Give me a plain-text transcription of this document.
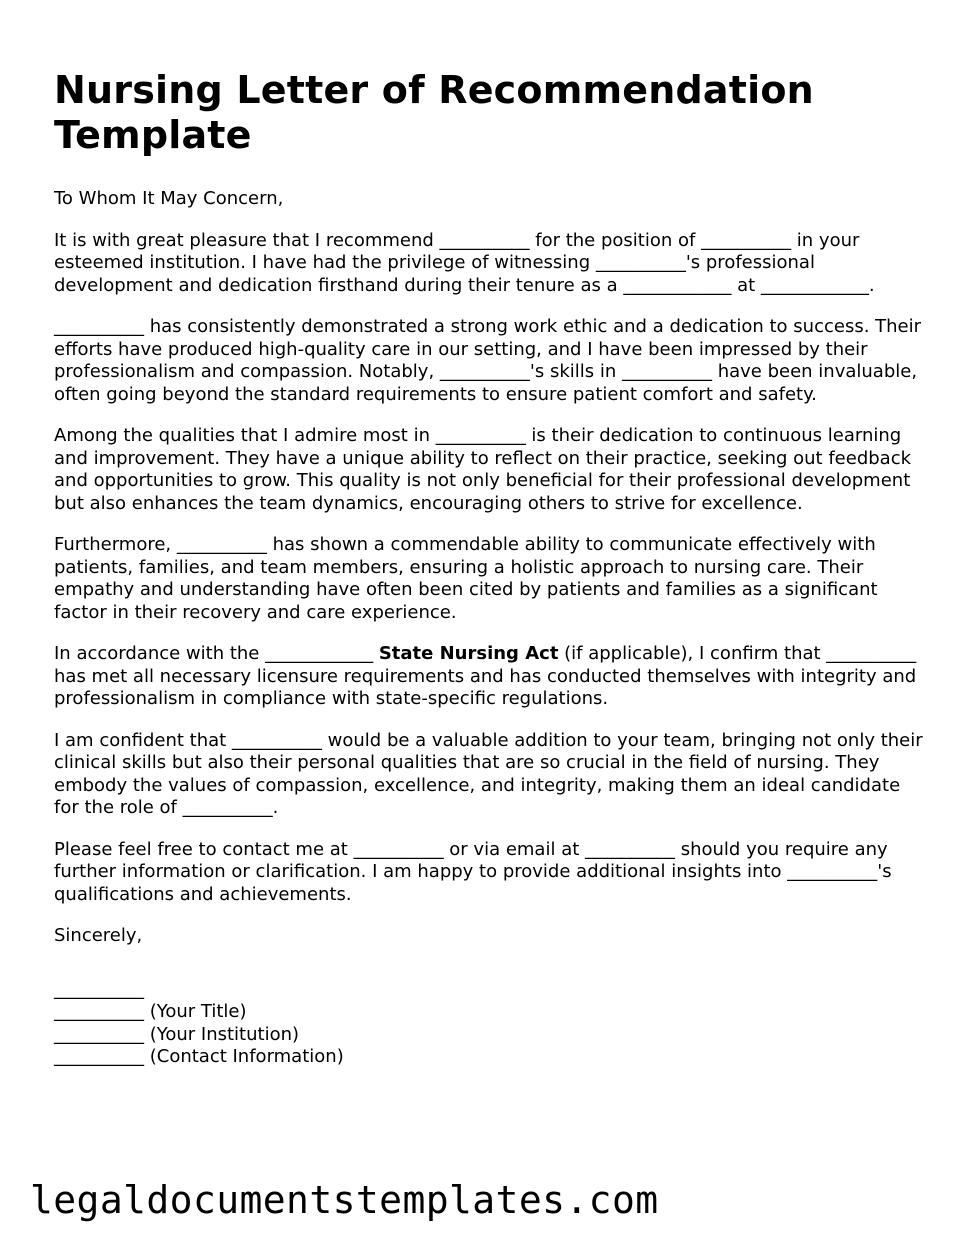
Nursing Letter of Recommendation Template
To Whom It May Concern,

It is with great pleasure that I recommend __________ for the position of __________ in your esteemed institution. I have had the privilege of witnessing __________'s professional development and dedication firsthand during their tenure as a ____________ at ____________.

__________ has consistently demonstrated a strong work ethic and a dedication to success. Their efforts have produced high-quality care in our setting, and I have been impressed by their professionalism and compassion. Notably, __________'s skills in __________ have been invaluable, often going beyond the standard requirements to ensure patient comfort and safety.

Among the qualities that I admire most in __________ is their dedication to continuous learning and improvement. They have a unique ability to reflect on their practice, seeking out feedback and opportunities to grow. This quality is not only beneficial for their professional development but also enhances the team dynamics, encouraging others to strive for excellence.

Furthermore, __________ has shown a commendable ability to communicate effectively with patients, families, and team members, ensuring a holistic approach to nursing care. Their empathy and understanding have often been cited by patients and families as a significant factor in their recovery and care experience.

In accordance with the ____________ State Nursing Act (if applicable), I confirm that __________ has met all necessary licensure requirements and has conducted themselves with integrity and professionalism in compliance with state-specific regulations.

I am confident that __________ would be a valuable addition to your team, bringing not only their clinical skills but also their personal qualities that are so crucial in the field of nursing. They embody the values of compassion, excellence, and integrity, making them an ideal candidate for the role of __________.

Please feel free to contact me at __________ or via email at __________ should you require any further information or clarification. I am happy to provide additional insights into __________'s qualifications and achievements.

Sincerely,
__________
__________ (Your Title)
__________ (Your Institution)
__________ (Contact Information)
legaldocumentstemplates.com
